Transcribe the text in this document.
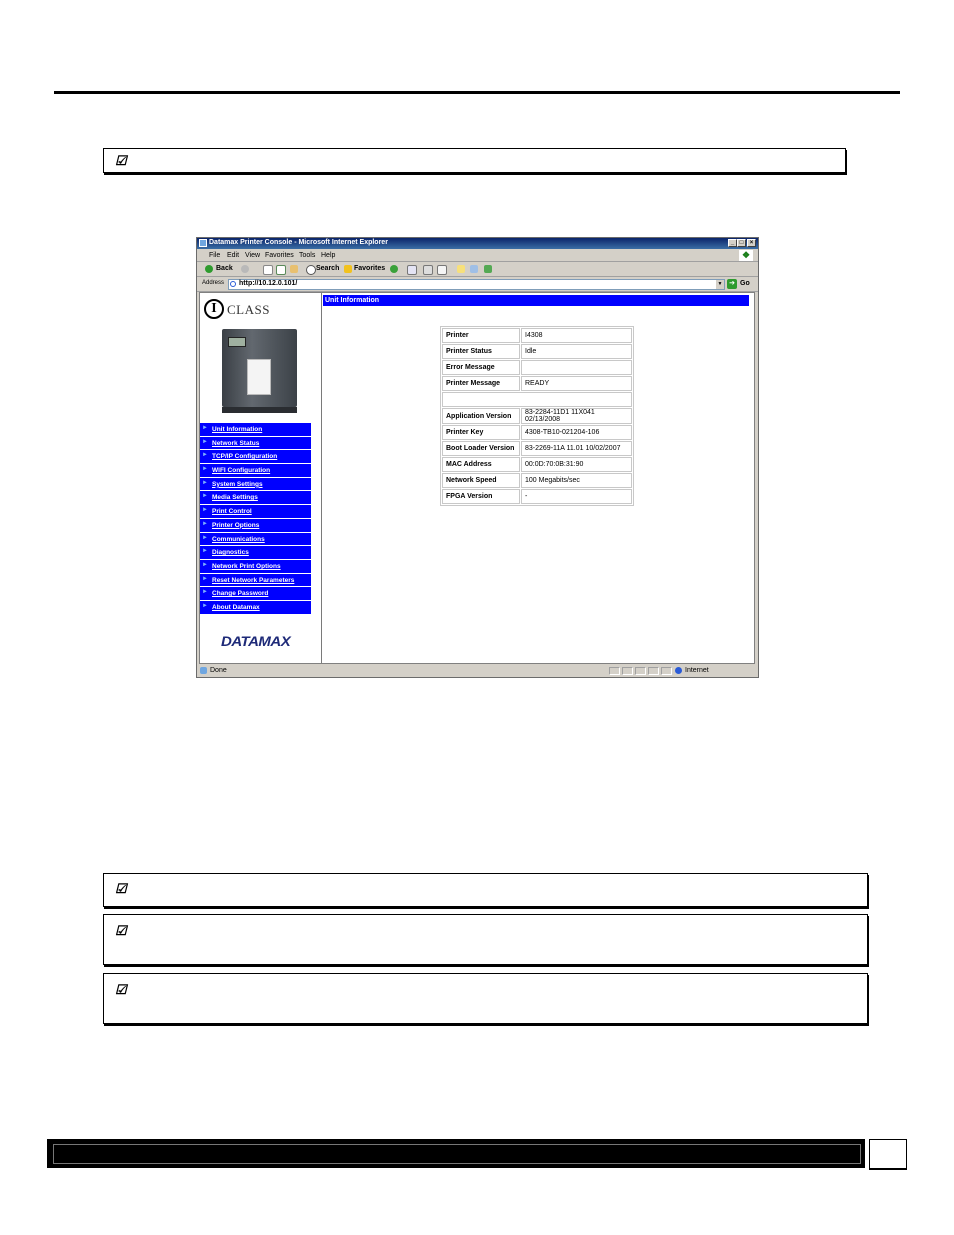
☑
Datamax Printer Console - Microsoft Internet Explorer	_ □	×
File Edit View Favorites Tools Help	❖
Back	Search Favorites
Address http://10.12.0.101/	▼ ➔ Go
I CLASS
► Unit Information
► Network Status
► TCP/IP Configuration
► WIFI Configuration
► System Settings
► Media Settings
► Print Control
► Printer Options
► Communications
► Diagnostics
► Network Print Options
► Reset Network Parameters
► Change Password
► About Datamax
DATAMAX
Unit Information
Printer	I4308
Printer Status	Idle
Error Message	
Printer Message	READY

Application Version	83-2284-11D1 11X041 02/13/2008
Printer Key	4308-TB10-021204-106
Boot Loader Version	83-2269-11A 11.01 10/02/2007
MAC Address	00:0D:70:0B:31:90
Network Speed	100 Megabits/sec
FPGA Version	-
Done	Internet
☑
☑
☑
